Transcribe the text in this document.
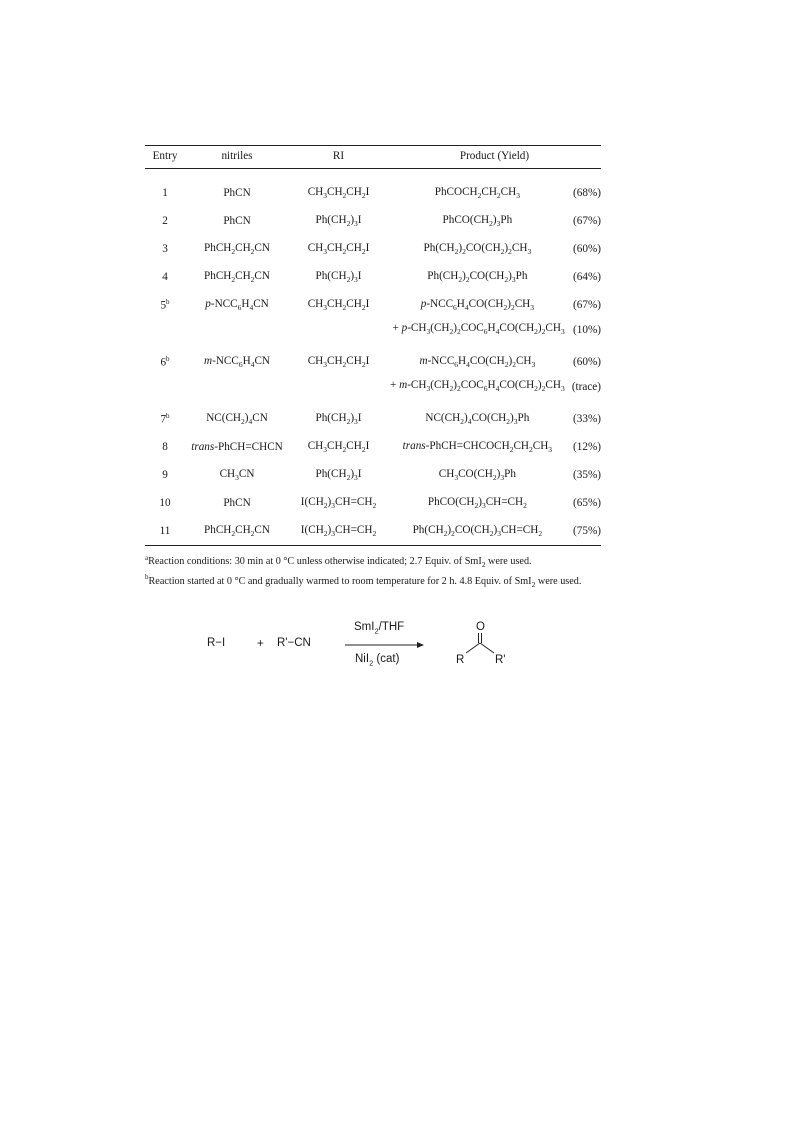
Entry	nitriles	RI	Product (Yield)	

1	PhCN	$CH_3CH_2CH_2I$	$PhCOCH_2CH_2CH_3$	(68%)
2	PhCN	$Ph(CH_2)_3I$	$PhCO(CH_2)_3Ph$	(67%)
3	$PhCH_2CH_2CN$	$CH_3CH_2CH_2I$	$Ph(CH_2)_2CO(CH_2)_2CH_3$	(60%)
4	$PhCH_2CH_2CN$	$Ph(CH_2)_3I$	$Ph(CH_2)_2CO(CH_2)_3Ph$	(64%)
5$^b$	$p-NCC_6H_4CN$	$CH_3CH_2CH_2I$	$p-NCC_6H_4CO(CH_2)_2CH_3$	(67%)
			+ $p-CH_3(CH_2)_2COC_6H_4CO(CH_2)_2CH_3$	(10%)

6$^b$	$m-NCC_6H_4CN$	$CH_3CH_2CH_2I$	$m-NCC_6H_4CO(CH_2)_2CH_3$	(60%)
			+ $m-CH_3(CH_2)_2COC_6H_4CO(CH_2)_2CH_3$	(trace)

7$^b$	$NC(CH_2)_4CN$	$Ph(CH_2)_3I$	$NC(CH_2)_4CO(CH_2)_3Ph$	(33%)
8	trans-PhCH=CHCN	$CH_3CH_2CH_2I$	trans-$PhCH=CHCOCH_2CH_2CH_3$	(12%)
9	$CH_3CN$	$Ph(CH_2)_3I$	$CH_3CO(CH_2)_3Ph$	(35%)
10	PhCN	$I(CH_2)_3CH=CH_2$	$PhCO(CH_2)_3CH=CH_2$	(65%)
11	$PhCH_2CH_2CN$	$I(CH_2)_3CH=CH_2$	$Ph(CH_2)_2CO(CH_2)_3CH=CH_2$	(75%)

$^a$Reaction conditions: 30 min at 0 °C unless otherwise indicated; 2.7 Equiv. of SmI$_2$ were used.

$^b$Reaction started at 0 °C and gradually warmed to room temperature for 2 h. 4.8 Equiv. of SmI$_2$ were used.

R−I	+ R'−CN
SmI$_2$/THF
NiI$_2$ (cat)
O
R	R'
